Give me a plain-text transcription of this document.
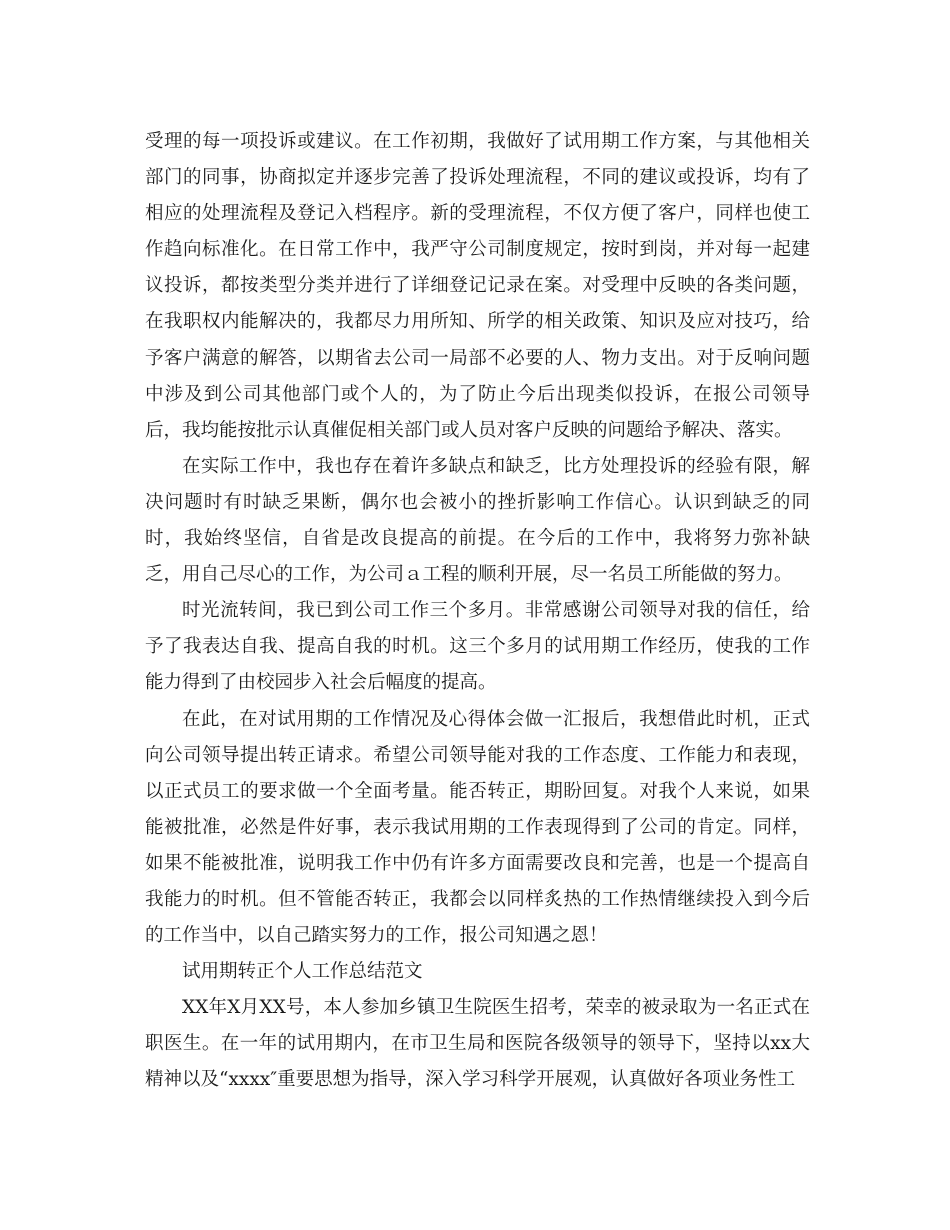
受理的每一项投诉或建议。在工作初期，我做好了试用期工作方案，与其他相关部门的同事，协商拟定并逐步完善了投诉处理流程，不同的建议或投诉，均有了相应的处理流程及登记入档程序。新的受理流程，不仅方便了客户，同样也使工作趋向标准化。在日常工作中，我严守公司制度规定，按时到岗，并对每一起建议投诉，都按类型分类并进行了详细登记记录在案。对受理中反映的各类问题，在我职权内能解决的，我都尽力用所知、所学的相关政策、知识及应对技巧，给予客户满意的解答，以期省去公司一局部不必要的人、物力支出。对于反响问题中涉及到公司其他部门或个人的，为了防止今后出现类似投诉，在报公司领导后，我均能按批示认真催促相关部门或人员对客户反映的问题给予解决、落实。

在实际工作中，我也存在着许多缺点和缺乏，比方处理投诉的经验有限，解决问题时有时缺乏果断，偶尔也会被小的挫折影响工作信心。认识到缺乏的同时，我始终坚信，自省是改良提高的前提。在今后的工作中，我将努力弥补缺乏，用自己尽心的工作，为公司ａ工程的顺利开展，尽一名员工所能做的努力。

时光流转间，我已到公司工作三个多月。非常感谢公司领导对我的信任，给予了我表达自我、提高自我的时机。这三个多月的试用期工作经历，使我的工作能力得到了由校园步入社会后幅度的提高。

在此，在对试用期的工作情况及心得体会做一汇报后，我想借此时机，正式向公司领导提出转正请求。希望公司领导能对我的工作态度、工作能力和表现，以正式员工的要求做一个全面考量。能否转正，期盼回复。对我个人来说，如果能被批准，必然是件好事，表示我试用期的工作表现得到了公司的肯定。同样，如果不能被批准，说明我工作中仍有许多方面需要改良和完善，也是一个提高自我能力的时机。但不管能否转正，我都会以同样炙热的工作热情继续投入到今后的工作当中，以自己踏实努力的工作，报公司知遇之恩！

试用期转正个人工作总结范文

XX年X月XX号，本人参加乡镇卫生院医生招考，荣幸的被录取为一名正式在职医生。在一年的试用期内，在市卫生局和医院各级领导的领导下，坚持以xx大精神以及“xxxx″重要思想为指导，深入学习科学开展观，认真做好各项业务性工
